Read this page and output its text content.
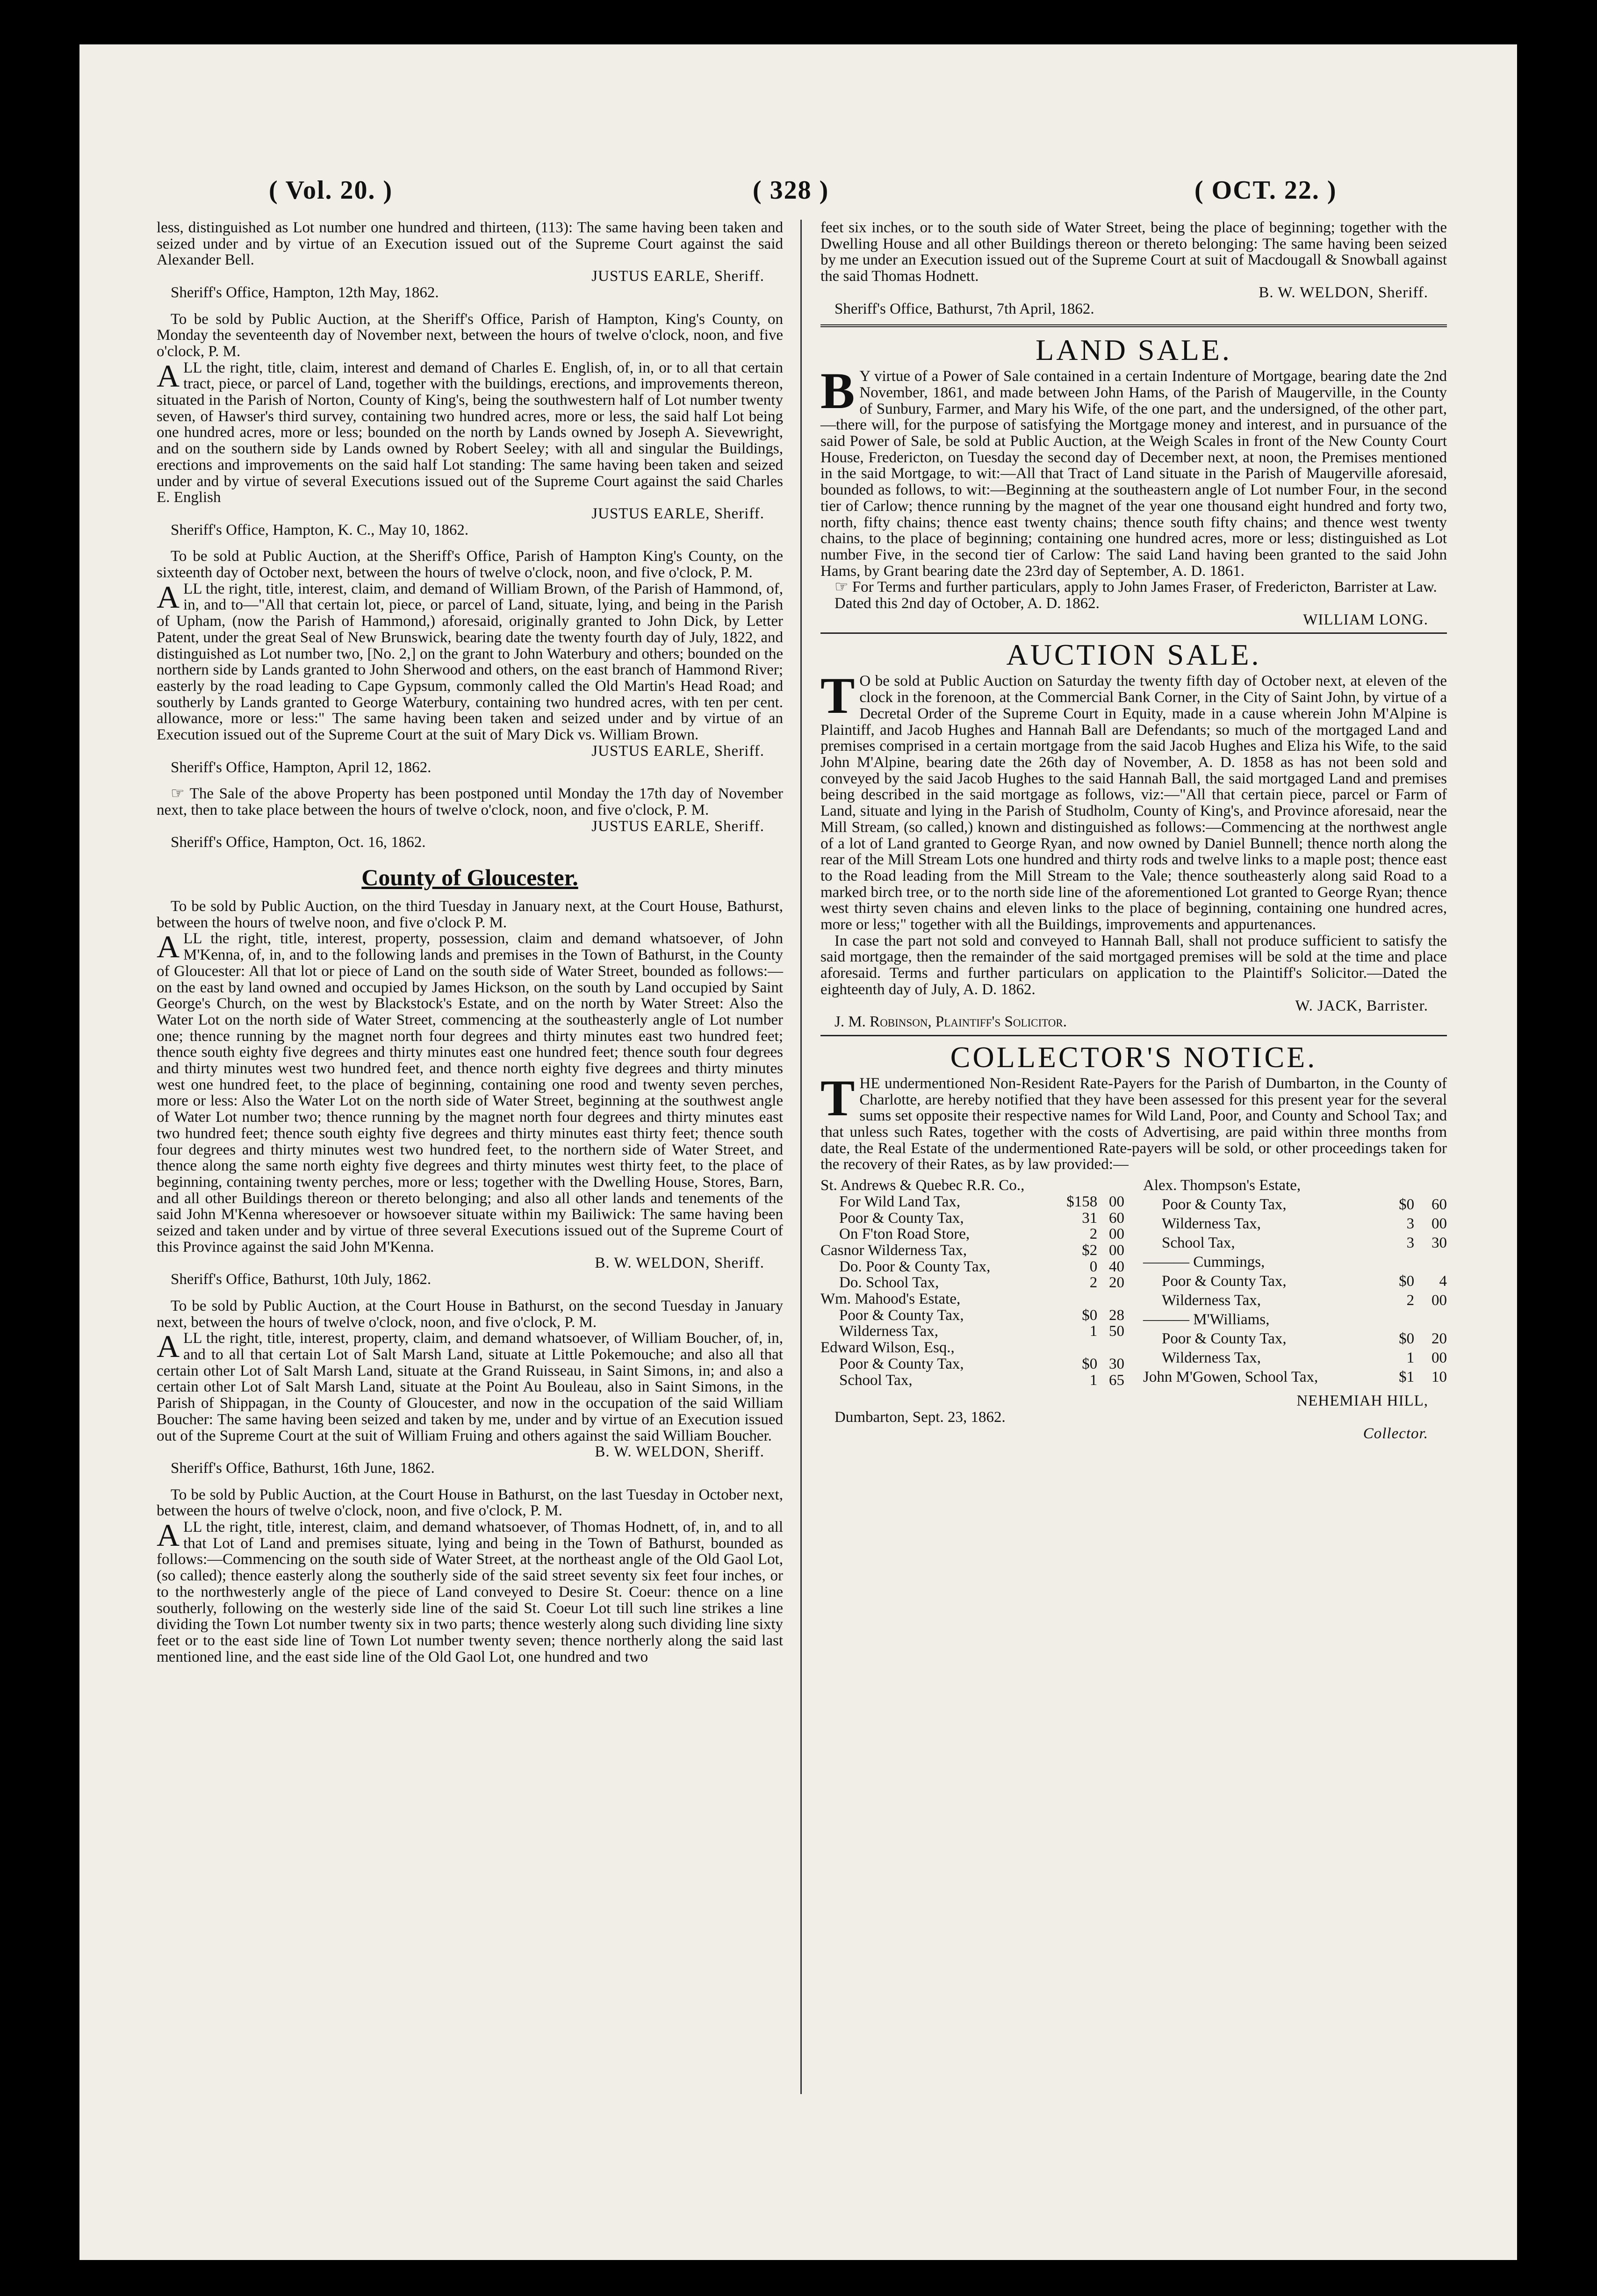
( Vol. 20. )	( 328 )	( OCT. 22. )

less, distinguished as Lot number one hundred and thirteen, (113): The same having been taken and seized under and by virtue of an Execution issued out of the Supreme Court against the said Alexander Bell.

JUSTUS EARLE, Sheriff.

Sheriff's Office, Hampton, 12th May, 1862.

To be sold by Public Auction, at the Sheriff's Office, Parish of Hampton, King's County, on Monday the seventeenth day of November next, between the hours of twelve o'clock, noon, and five o'clock, P. M.

ALL the right, title, claim, interest and demand of Charles E. English, of, in, or to all that certain tract, piece, or parcel of Land, together with the buildings, erections, and improvements thereon, situated in the Parish of Norton, County of King's, being the southwestern half of Lot number twenty seven, of Hawser's third survey, containing two hundred acres, more or less, the said half Lot being one hundred acres, more or less; bounded on the north by Lands owned by Joseph A. Sievewright, and on the southern side by Lands owned by Robert Seeley; with all and singular the Buildings, erections and improvements on the said half Lot standing: The same having been taken and seized under and by virtue of several Executions issued out of the Supreme Court against the said Charles E. English

JUSTUS EARLE, Sheriff.

Sheriff's Office, Hampton, K. C., May 10, 1862.

To be sold at Public Auction, at the Sheriff's Office, Parish of Hampton King's County, on the sixteenth day of October next, between the hours of twelve o'clock, noon, and five o'clock, P. M.

ALL the right, title, interest, claim, and demand of William Brown, of the Parish of Hammond, of, in, and to—"All that certain lot, piece, or parcel of Land, situate, lying, and being in the Parish of Upham, (now the Parish of Hammond,) aforesaid, originally granted to John Dick, by Letter Patent, under the great Seal of New Brunswick, bearing date the twenty fourth day of July, 1822, and distinguished as Lot number two, [No. 2,] on the grant to John Waterbury and others; bounded on the northern side by Lands granted to John Sherwood and others, on the east branch of Hammond River; easterly by the road leading to Cape Gypsum, commonly called the Old Martin's Head Road; and southerly by Lands granted to George Waterbury, containing two hundred acres, with ten per cent. allowance, more or less:" The same having been taken and seized under and by virtue of an Execution issued out of the Supreme Court at the suit of Mary Dick vs. William Brown.

JUSTUS EARLE, Sheriff.

Sheriff's Office, Hampton, April 12, 1862.

☞ The Sale of the above Property has been postponed until Monday the 17th day of November next, then to take place between the hours of twelve o'clock, noon, and five o'clock, P. M.

JUSTUS EARLE, Sheriff.

Sheriff's Office, Hampton, Oct. 16, 1862.

County of Gloucester.

To be sold by Public Auction, on the third Tuesday in January next, at the Court House, Bathurst, between the hours of twelve noon, and five o'clock P. M.

ALL the right, title, interest, property, possession, claim and demand whatsoever, of John M'Kenna, of, in, and to the following lands and premises in the Town of Bathurst, in the County of Gloucester: All that lot or piece of Land on the south side of Water Street, bounded as follows:—on the east by land owned and occupied by James Hickson, on the south by Land occupied by Saint George's Church, on the west by Blackstock's Estate, and on the north by Water Street: Also the Water Lot on the north side of Water Street, commencing at the southeasterly angle of Lot number one; thence running by the magnet north four degrees and thirty minutes east two hundred feet; thence south eighty five degrees and thirty minutes east one hundred feet; thence south four degrees and thirty minutes west two hundred feet, and thence north eighty five degrees and thirty minutes west one hundred feet, to the place of beginning, containing one rood and twenty seven perches, more or less: Also the Water Lot on the north side of Water Street, beginning at the southwest angle of Water Lot number two; thence running by the magnet north four degrees and thirty minutes east two hundred feet; thence south eighty five degrees and thirty minutes east thirty feet; thence south four degrees and thirty minutes west two hundred feet, to the northern side of Water Street, and thence along the same north eighty five degrees and thirty minutes west thirty feet, to the place of beginning, containing twenty perches, more or less; together with the Dwelling House, Stores, Barn, and all other Buildings thereon or thereto belonging; and also all other lands and tenements of the said John M'Kenna wheresoever or howsoever situate within my Bailiwick: The same having been seized and taken under and by virtue of three several Executions issued out of the Supreme Court of this Province against the said John M'Kenna.

B. W. WELDON, Sheriff.

Sheriff's Office, Bathurst, 10th July, 1862.

To be sold by Public Auction, at the Court House in Bathurst, on the second Tuesday in January next, between the hours of twelve o'clock, noon, and five o'clock, P. M.

ALL the right, title, interest, property, claim, and demand whatsoever, of William Boucher, of, in, and to all that certain Lot of Salt Marsh Land, situate at Little Pokemouche; and also all that certain other Lot of Salt Marsh Land, situate at the Grand Ruisseau, in Saint Simons, in; and also a certain other Lot of Salt Marsh Land, situate at the Point Au Bouleau, also in Saint Simons, in the Parish of Shippagan, in the County of Gloucester, and now in the occupation of the said William Boucher: The same having been seized and taken by me, under and by virtue of an Execution issued out of the Supreme Court at the suit of William Fruing and others against the said William Boucher.

B. W. WELDON, Sheriff.

Sheriff's Office, Bathurst, 16th June, 1862.

To be sold by Public Auction, at the Court House in Bathurst, on the last Tuesday in October next, between the hours of twelve o'clock, noon, and five o'clock, P. M.

ALL the right, title, interest, claim, and demand whatsoever, of Thomas Hodnett, of, in, and to all that Lot of Land and premises situate, lying and being in the Town of Bathurst, bounded as follows:—Commencing on the south side of Water Street, at the northeast angle of the Old Gaol Lot, (so called); thence easterly along the southerly side of the said street seventy six feet four inches, or to the northwesterly angle of the piece of Land conveyed to Desire St. Coeur: thence on a line southerly, following on the westerly side line of the said St. Coeur Lot till such line strikes a line dividing the Town Lot number twenty six in two parts; thence westerly along such dividing line sixty feet or to the east side line of Town Lot number twenty seven; thence northerly along the said last mentioned line, and the east side line of the Old Gaol Lot, one hundred and two

feet six inches, or to the south side of Water Street, being the place of beginning; together with the Dwelling House and all other Buildings thereon or thereto belonging: The same having been seized by me under an Execution issued out of the Supreme Court at suit of Macdougall & Snowball against the said Thomas Hodnett.

B. W. WELDON, Sheriff.

Sheriff's Office, Bathurst, 7th April, 1862.

LAND SALE.

B Y virtue of a Power of Sale contained in a certain Indenture of Mortgage, bearing date the 2nd November, 1861, and made between John Hams, of the Parish of Maugerville, in the County of Sunbury, Farmer, and Mary his Wife, of the one part, and the undersigned, of the other part,—there will, for the purpose of satisfying the Mortgage money and interest, and in pursuance of the said Power of Sale, be sold at Public Auction, at the Weigh Scales in front of the New County Court House, Fredericton, on Tuesday the second day of December next, at noon, the Premises mentioned in the said Mortgage, to wit:—All that Tract of Land situate in the Parish of Maugerville aforesaid, bounded as follows, to wit:—Beginning at the southeastern angle of Lot number Four, in the second tier of Carlow; thence running by the magnet of the year one thousand eight hundred and forty two, north, fifty chains; thence east twenty chains; thence south fifty chains; and thence west twenty chains, to the place of beginning; containing one hundred acres, more or less; distinguished as Lot number Five, in the second tier of Carlow: The said Land having been granted to the said John Hams, by Grant bearing date the 23rd day of September, A. D. 1861.

☞ For Terms and further particulars, apply to John James Fraser, of Fredericton, Barrister at Law.

Dated this 2nd day of October, A. D. 1862.

WILLIAM LONG.

AUCTION SALE.

T O be sold at Public Auction on Saturday the twenty fifth day of October next, at eleven of the clock in the forenoon, at the Commercial Bank Corner, in the City of Saint John, by virtue of a Decretal Order of the Supreme Court in Equity, made in a cause wherein John M'Alpine is Plaintiff, and Jacob Hughes and Hannah Ball are Defendants; so much of the mortgaged Land and premises comprised in a certain mortgage from the said Jacob Hughes and Eliza his Wife, to the said John M'Alpine, bearing date the 26th day of November, A. D. 1858 as has not been sold and conveyed by the said Jacob Hughes to the said Hannah Ball, the said mortgaged Land and premises being described in the said mortgage as follows, viz:—"All that certain piece, parcel or Farm of Land, situate and lying in the Parish of Studholm, County of King's, and Province aforesaid, near the Mill Stream, (so called,) known and distinguished as follows:—Commencing at the northwest angle of a lot of Land granted to George Ryan, and now owned by Daniel Bunnell; thence north along the rear of the Mill Stream Lots one hundred and thirty rods and twelve links to a maple post; thence east to the Road leading from the Mill Stream to the Vale; thence southeasterly along said Road to a marked birch tree, or to the north side line of the aforementioned Lot granted to George Ryan; thence west thirty seven chains and eleven links to the place of beginning, containing one hundred acres, more or less;" together with all the Buildings, improvements and appurtenances.

In case the part not sold and conveyed to Hannah Ball, shall not produce sufficient to satisfy the said mortgage, then the remainder of the said mortgaged premises will be sold at the time and place aforesaid. Terms and further particulars on application to the Plaintiff's Solicitor.—Dated the eighteenth day of July, A. D. 1862.

W. JACK, Barrister.

J. M. Robinson, Plaintiff's Solicitor.

COLLECTOR'S NOTICE.

THE undermentioned Non-Resident Rate-Payers for the Parish of Dumbarton, in the County of Charlotte, are hereby notified that they have been assessed for this present year for the several sums set opposite their respective names for Wild Land, Poor, and County and School Tax; and that unless such Rates, together with the costs of Advertising, are paid within three months from date, the Real Estate of the undermentioned Rate-payers will be sold, or other proceedings taken for the recovery of their Rates, as by law provided:—

St. Andrews & Quebec R.R. Co.,		
For Wild Land Tax,	$158	00
Poor & County Tax,	31	60
On F'ton Road Store,	2	00

Casnor Wilderness Tax,	$2	00
Do. Poor & County Tax,	0	40
Do. School Tax,	2	20

Wm. Mahood's Estate,		
Poor & County Tax,	$0	28
Wilderness Tax,	1	50

Edward Wilson, Esq.,		
Poor & County Tax,	$0	30
School Tax,	1	65
Alex. Thompson's Estate,		
Poor & County Tax,	$0	60
Wilderness Tax,	3	00
School Tax,	3	30

——— Cummings,		
Poor & County Tax,	$0	4
Wilderness Tax,	2	00

——— M'Williams,		
Poor & County Tax,	$0	20
Wilderness Tax,	1	00

John M'Gowen, School Tax,	$1	10

NEHEMIAH HILL,

Dumbarton, Sept. 23, 1862.

Collector.
